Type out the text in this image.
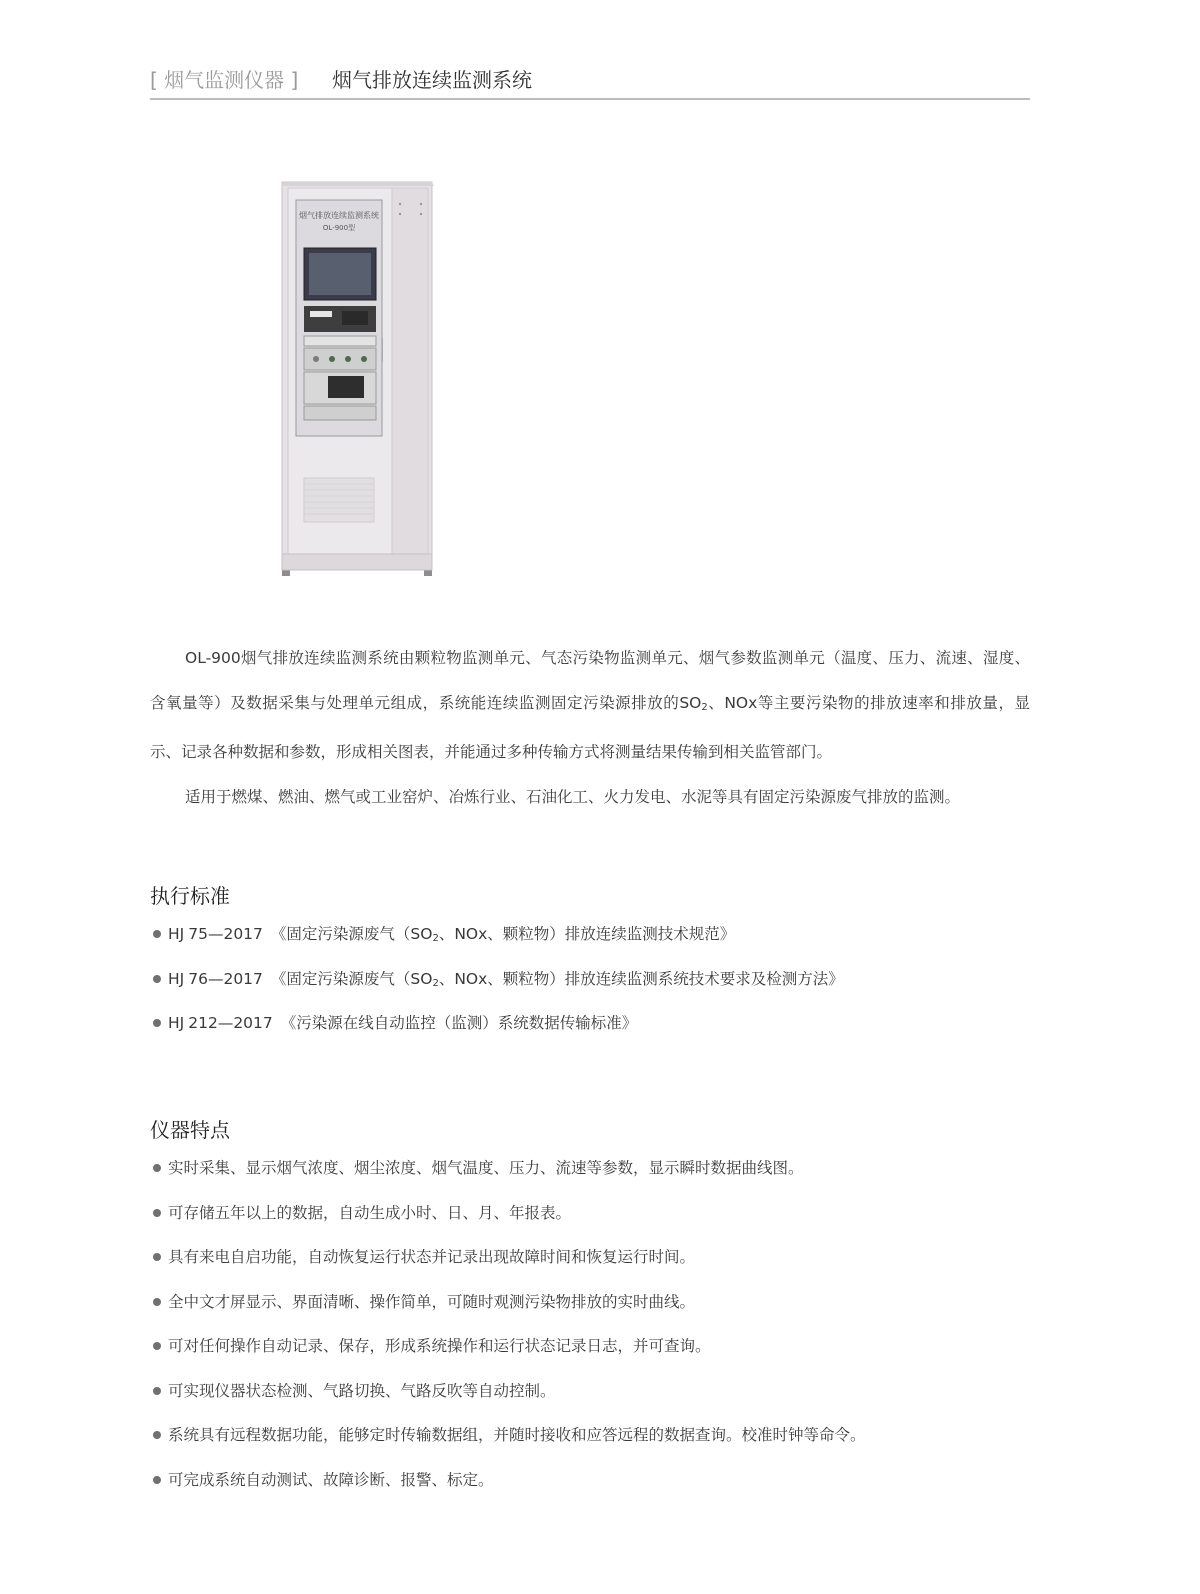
[ 烟气监测仪器 ] 烟气排放连续监测系统
烟气排放连续监测系统
OL-900型

OL-900烟气排放连续监测系统由颗粒物监测单元、气态污染物监测单元、烟气参数监测单元（温度、压力、流速、湿度、含氧量等）及数据采集与处理单元组成，系统能连续监测固定污染源排放的$SO_2$、NOx等主要污染物的排放速率和排放量，显示、记录各种数据和参数，形成相关图表，并能通过多种传输方式将测量结果传输到相关监管部门。

适用于燃煤、燃油、燃气或工业窑炉、冶炼行业、石油化工、火力发电、水泥等具有固定污染源废气排放的监测。

执行标准
HJ 75—2017 《固定污染源废气（$SO_2$、NOx、颗粒物）排放连续监测技术规范》
HJ 76—2017 《固定污染源废气（$SO_2$、NOx、颗粒物）排放连续监测系统技术要求及检测方法》
HJ 212—2017 《污染源在线自动监控（监测）系统数据传输标准》
仪器特点
实时采集、显示烟气浓度、烟尘浓度、烟气温度、压力、流速等参数，显示瞬时数据曲线图。
可存储五年以上的数据，自动生成小时、日、月、年报表。
具有来电自启功能，自动恢复运行状态并记录出现故障时间和恢复运行时间。
全中文才屏显示、界面清晰、操作简单，可随时观测污染物排放的实时曲线。
可对任何操作自动记录、保存，形成系统操作和运行状态记录日志，并可查询。
可实现仪器状态检测、气路切换、气路反吹等自动控制。
系统具有远程数据功能，能够定时传输数据组，并随时接收和应答远程的数据查询。校准时钟等命令。
可完成系统自动测试、故障诊断、报警、标定。
